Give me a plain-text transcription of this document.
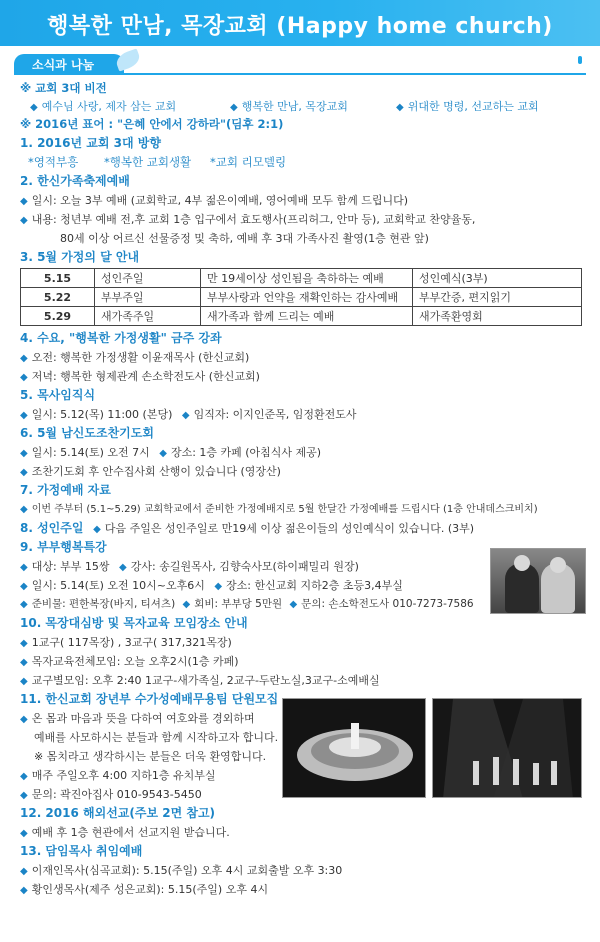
행복한 만남, 목장교회 (Happy home church)
소식과 나눔
※ 교회 3대 비전
◆ 예수님 사랑, 제자 삼는 교회	◆ 행복한 만남, 목장교회	◆ 위대한 명령, 선교하는 교회
※ 2016년 표어 : "은혜 안에서 강하라"(딤후 2:1)
1. 2016년 교회 3대 방향
*영적부흥 *행복한 교회생활 *교회 리모델링
2. 한신가족축제예배
◆ 일시: 오늘 3부 예배 (교회학교, 4부 젊은이예배, 영어예배 모두 함께 드립니다)
◆ 내용: 청년부 예배 전,후 교회 1층 입구에서 효도행사(프리허그, 안마 등), 교회학교 찬양율동,
80세 이상 어르신 선물증정 및 축하, 예배 후 3대 가족사진 촬영(1층 현관 앞)
3. 5월 가정의 달 안내
5.15	성인주일	만 19세이상 성인됨을 축하하는 예배	성인예식(3부)
5.22	부부주일	부부사랑과 언약을 재확인하는 감사예배	부부간증, 편지읽기
5.29	새가족주일	새가족과 함께 드리는 예배	새가족환영회
4. 수요, "행복한 가정생활" 금주 강좌
◆ 오전: 행복한 가정생활 이윤재목사 (한신교회)
◆ 저녁: 행복한 형제관계 손소학전도사 (한신교회)
5. 목사임직식
◆ 일시: 5.12(목) 11:00 (본당) ◆ 임직자: 이지인준목, 임정환전도사
6. 5월 남신도조찬기도회
◆ 일시: 5.14(토) 오전 7시 ◆ 장소: 1층 카페 (아침식사 제공)
◆ 조찬기도회 후 안수집사회 산행이 있습니다 (영장산)
7. 가정예배 자료
◆ 이번 주부터 (5.1~5.29) 교회학교에서 준비한 가정예배지로 5월 한달간 가정예배를 드립시다 (1층 안내데스크비치)
8. 성인주일 ◆ 다음 주일은 성인주일로 만19세 이상 젊은이들의 성인예식이 있습니다. (3부)
9. 부부행복특강
◆ 대상: 부부 15쌍 ◆ 강사: 송길원목사, 김향숙사모(하이패밀리 원장)
◆ 일시: 5.14(토) 오전 10시~오후6시 ◆ 장소: 한신교회 지하2층 초등3,4부실
◆ 준비물: 편한복장(바지, 티셔츠) ◆ 회비: 부부당 5만원 ◆ 문의: 손소학전도사 010-7273-7586
10. 목장대심방 및 목자교육 모임장소 안내
◆ 1교구( 117목장) , 3교구( 317,321목장)
◆ 목자교육전체모임: 오늘 오후2시(1층 카페)
◆ 교구별모임: 오후 2:40 1교구-새가족실, 2교구-두란노실,3교구-소예배실
11. 한신교회 장년부 수가성예배무용팀 단원모집
◆ 온 몸과 마음과 뜻을 다하여 여호와를 경외하며
예배를 사모하시는 분들과 함께 시작하고자 합니다.
※ 몸치라고 생각하시는 분들은 더욱 환영합니다.
◆ 매주 주일오후 4:00 지하1층 유치부실
◆ 문의: 곽진아집사 010-9543-5450
12. 2016 해외선교(주보 2면 참고)
◆ 예배 후 1층 현관에서 선교지원 받습니다.
13. 담임목사 취임예배
◆ 이재인목사(심곡교회): 5.15(주일) 오후 4시 교회출발 오후 3:30
◆ 황인생목사(제주 성은교회): 5.15(주일) 오후 4시
